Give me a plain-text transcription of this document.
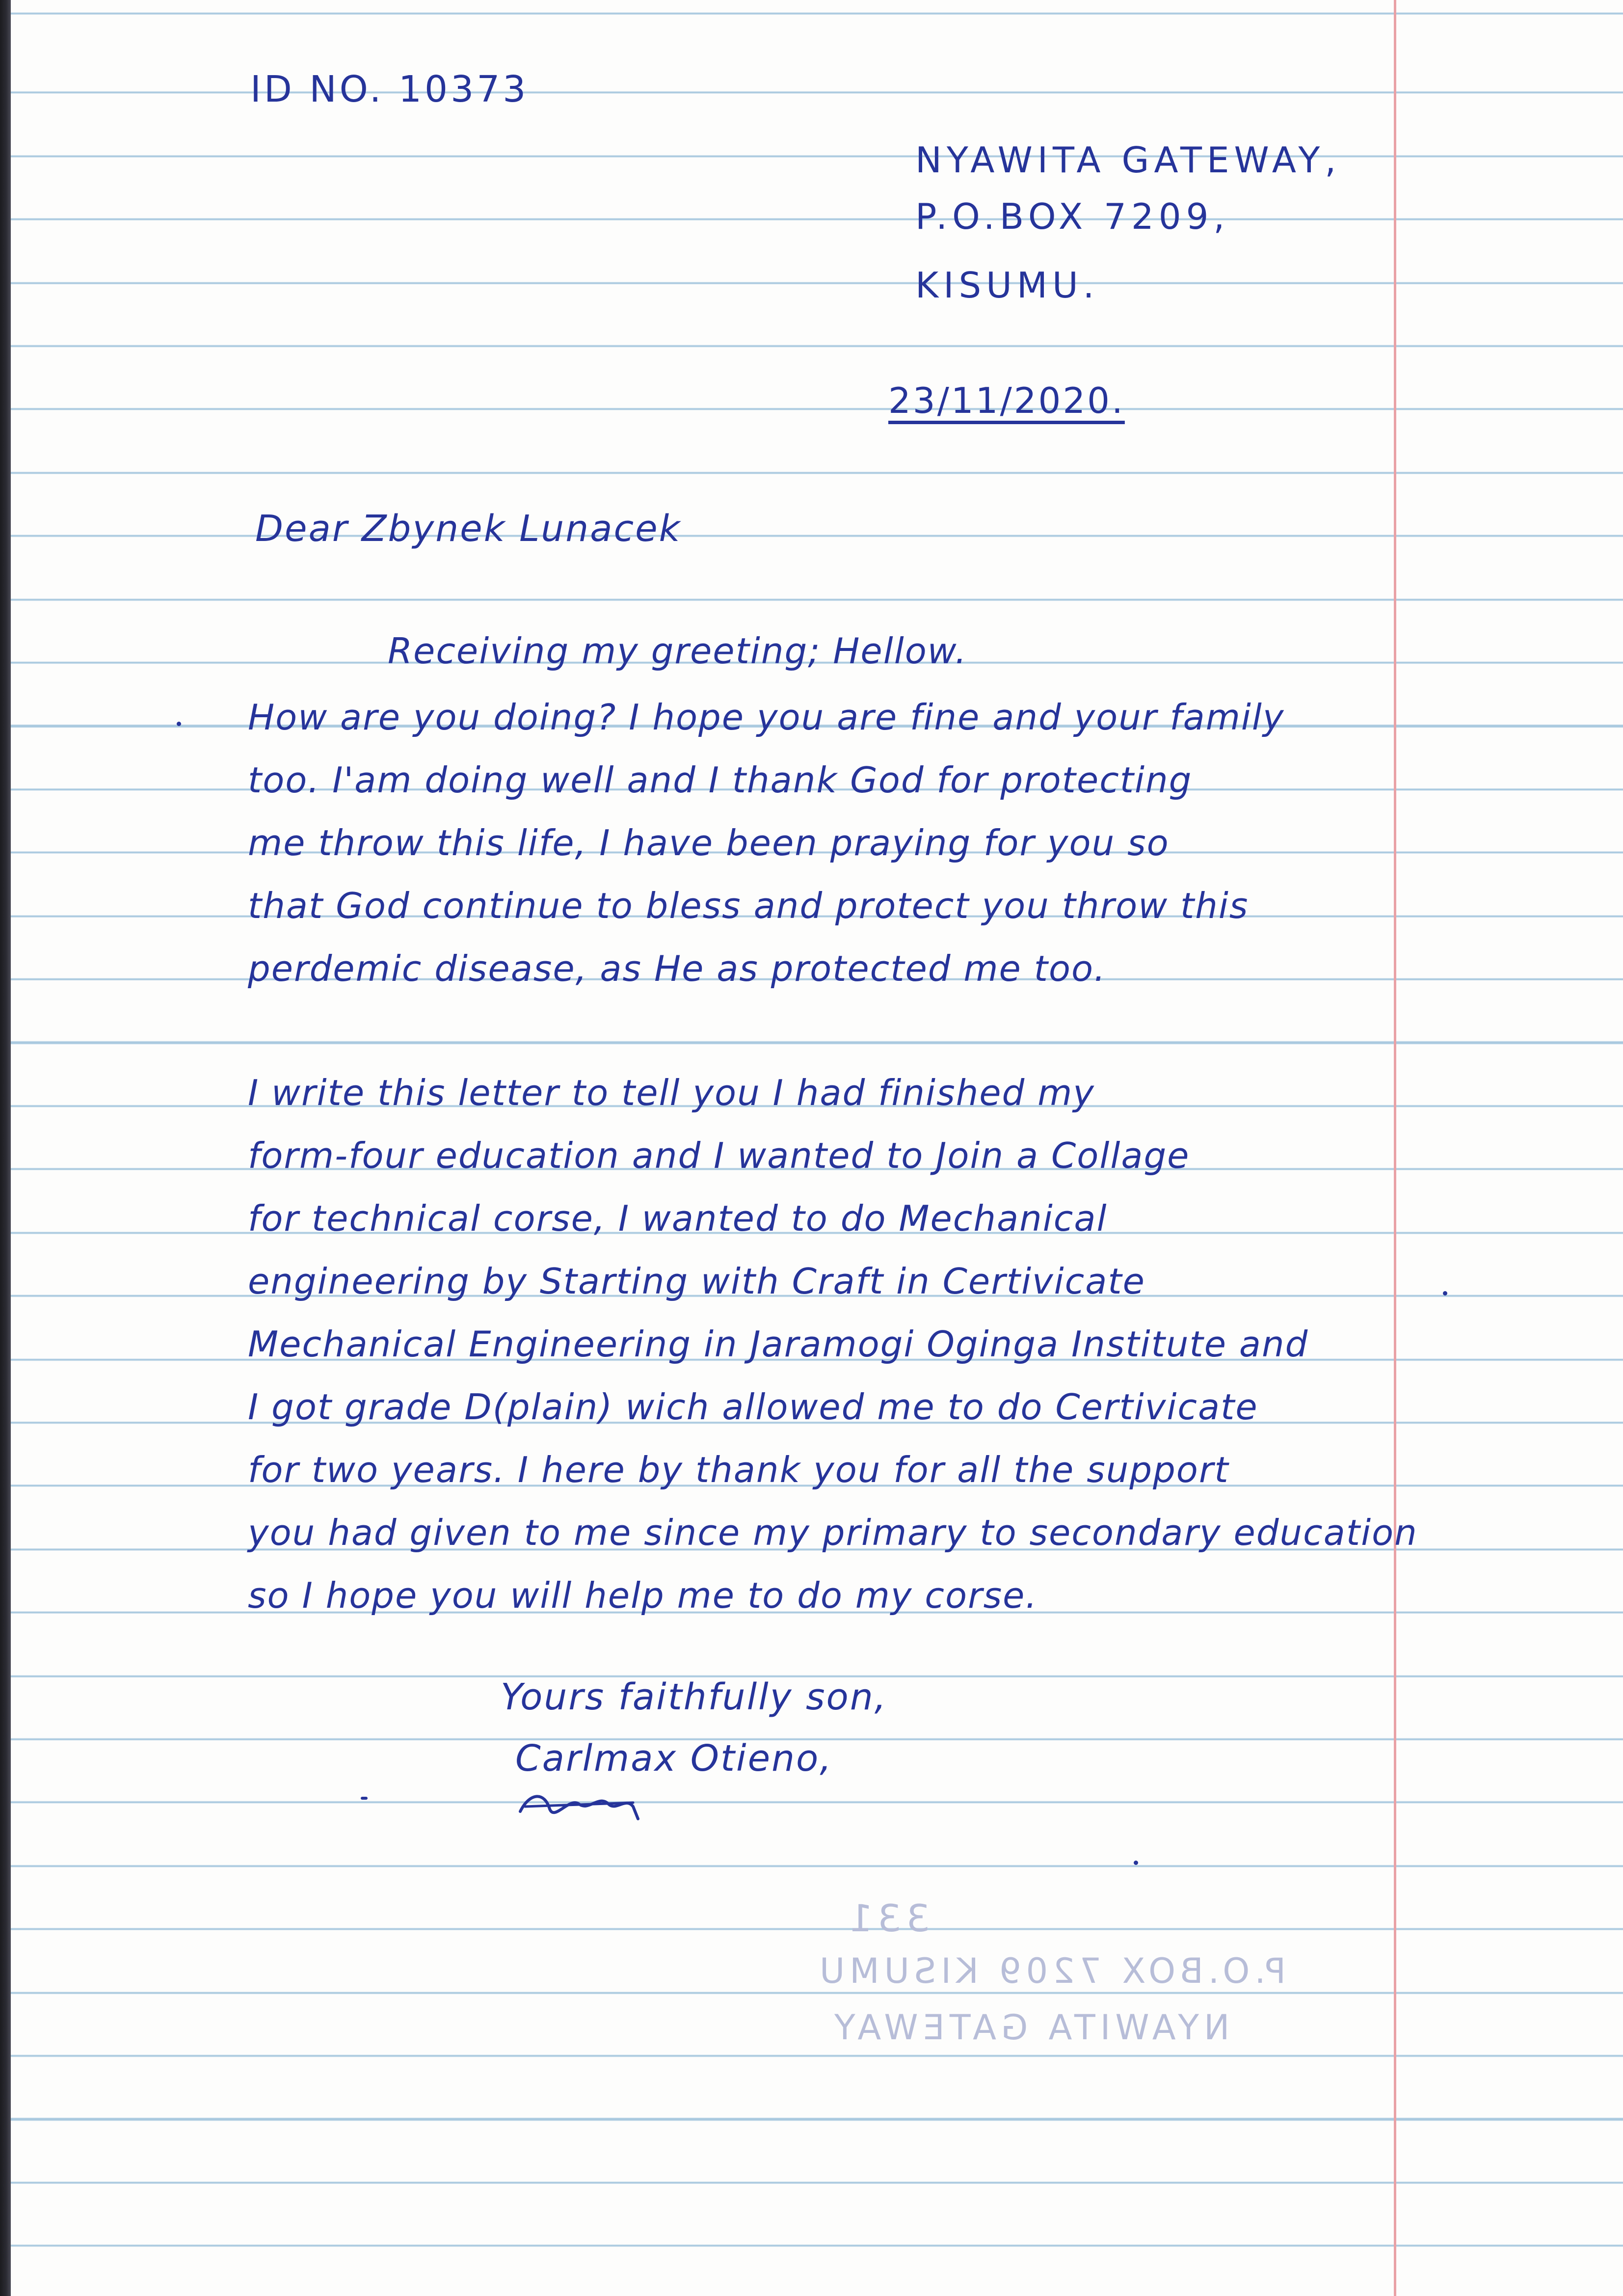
ID NO. 10373
NYAWITA GATEWAY,
P.O.BOX 7209,
KISUMU.
23/11/2020.
Dear Zbynek Lunacek
Receiving my greeting; Hellow.
How are you doing? I hope you are fine and your family
too. I'am doing well and I thank God for protecting
me throw this life, I have been praying for you so
that God continue to bless and protect you throw this
perdemic disease, as He as protected me too.
I write this letter to tell you I had finished my
form-four education and I wanted to Join a Collage
for technical corse, I wanted to do Mechanical
engineering by Starting with Craft in Certivicate
Mechanical Engineering in Jaramogi Oginga Institute and
I got grade D(plain) wich allowed me to do Certivicate
for two years. I here by thank you for all the support
you had given to me since my primary to secondary education
so I hope you will help me to do my corse.
Yours faithfully son,
Carlmax Otieno,
331
P.O.BOX 7209 KISUMU
NYAWITA GATEWAY
